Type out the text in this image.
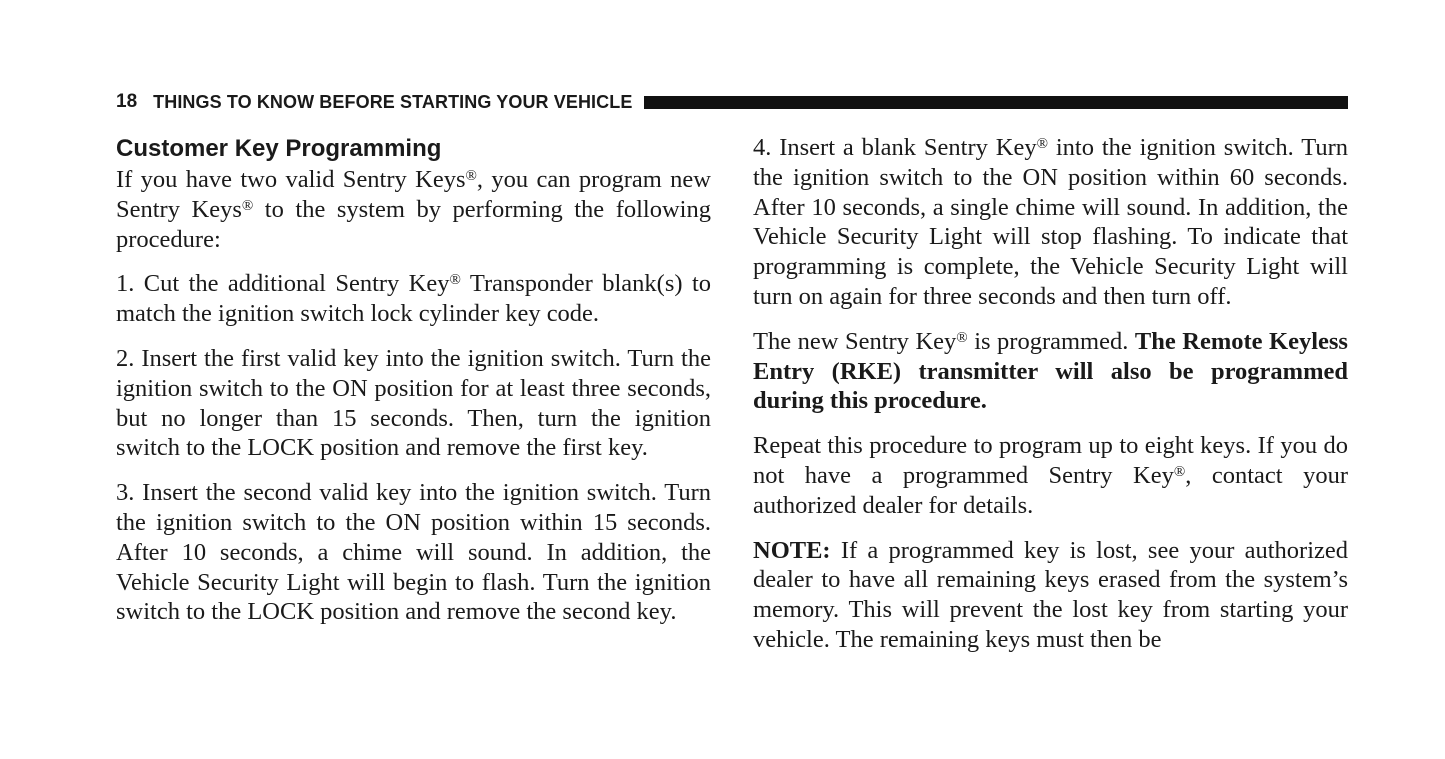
18 THINGS TO KNOW BEFORE STARTING YOUR VEHICLE
Customer Key Programming

If you have two valid Sentry Keys®, you can program new Sentry Keys® to the system by performing the following procedure:

1. Cut the additional Sentry Key® Transponder blank(s) to match the ignition switch lock cylinder key code.

2. Insert the first valid key into the ignition switch. Turn the ignition switch to the ON position for at least three seconds, but no longer than 15 seconds. Then, turn the ignition switch to the LOCK position and remove the first key.

3. Insert the second valid key into the ignition switch. Turn the ignition switch to the ON position within 15 seconds. After 10 seconds, a chime will sound. In addition, the Vehicle Security Light will begin to flash. Turn the ignition switch to the LOCK position and remove the second key.

4. Insert a blank Sentry Key® into the ignition switch. Turn the ignition switch to the ON position within 60 seconds. After 10 seconds, a single chime will sound. In addition, the Vehicle Security Light will stop flashing. To indicate that programming is complete, the Vehicle Security Light will turn on again for three seconds and then turn off.

The new Sentry Key® is programmed. The Remote Keyless Entry (RKE) transmitter will also be programmed during this procedure.

Repeat this procedure to program up to eight keys. If you do not have a programmed Sentry Key®, contact your authorized dealer for details.

NOTE: If a programmed key is lost, see your authorized dealer to have all remaining keys erased from the system’s memory. This will prevent the lost key from starting your vehicle. The remaining keys must then be
